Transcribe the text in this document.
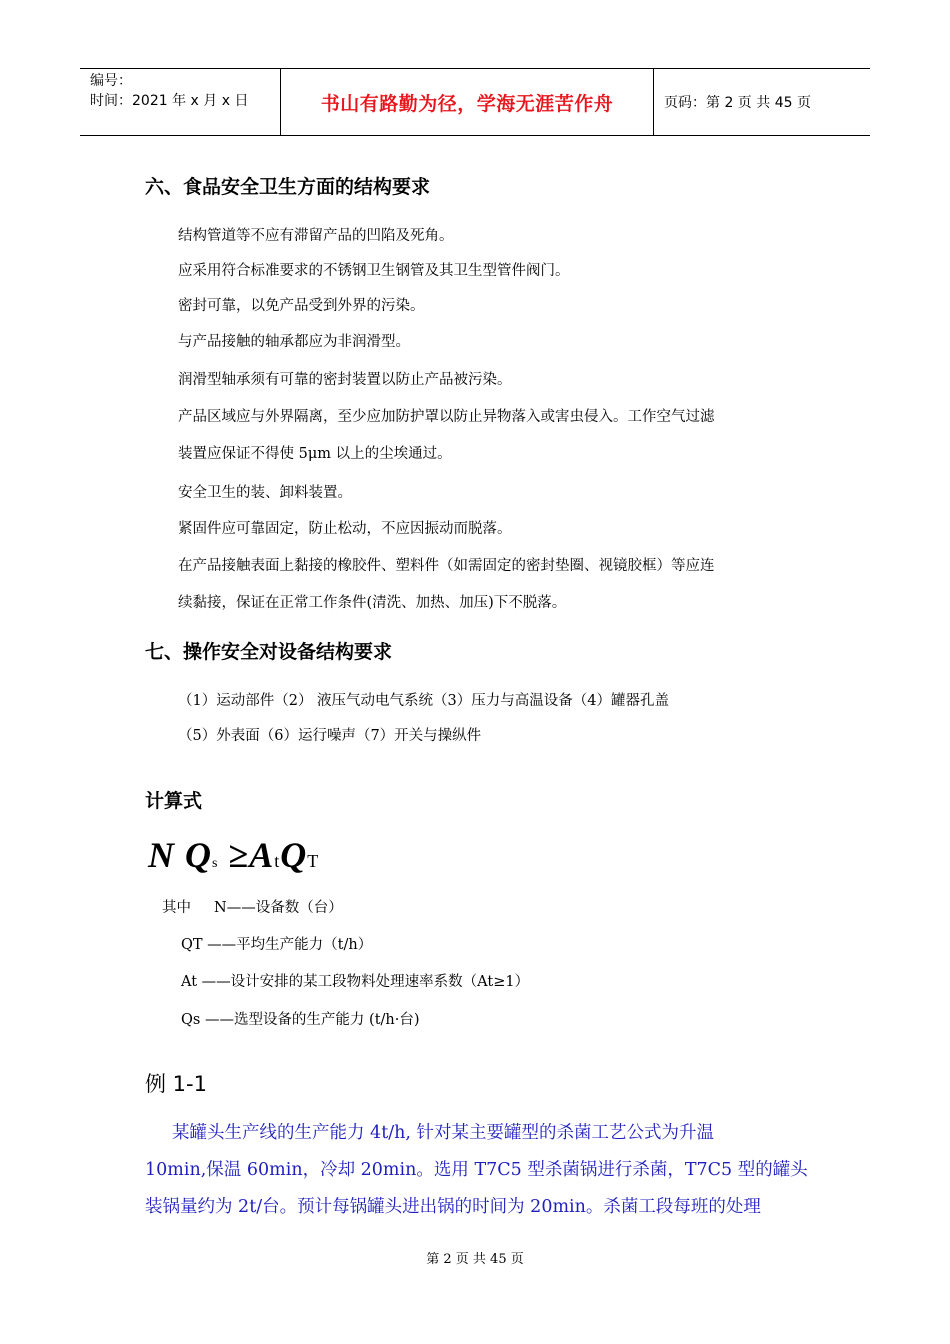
编号：
时间：2021 年 x 月 x 日	书山有路勤为径，学海无涯苦作舟	页码：第 2 页 共 45 页
六、食品安全卫生方面的结构要求
结构管道等不应有滞留产品的凹陷及死角。
应采用符合标准要求的不锈钢卫生钢管及其卫生型管件阀门。
密封可靠，以免产品受到外界的污染。
与产品接触的轴承都应为非润滑型。
润滑型轴承须有可靠的密封装置以防止产品被污染。
产品区域应与外界隔离，至少应加防护罩以防止异物落入或害虫侵入。工作空气过滤
装置应保证不得使 5μm 以上的尘埃通过。
安全卫生的装、卸料装置。
紧固件应可靠固定，防止松动，不应因振动而脱落。
在产品接触表面上黏接的橡胶件、塑料件（如需固定的密封垫圈、视镜胶框）等应连
续黏接，保证在正常工作条件(清洗、加热、加压)下不脱落。
七、操作安全对设备结构要求
（1）运动部件（2） 液压气动电气系统（3）压力与高温设备（4）罐器孔盖
（5）外表面（6）运行噪声（7）开关与操纵件
计算式
N Qs ≥AtQT
其中     N——设备数（台）
QT ——平均生产能力（t/h）
At ——设计安排的某工段物料处理速率系数（At≥1）
Qs ——选型设备的生产能力 (t/h·台)
例 1-1
某罐头生产线的生产能力 4t/h, 针对某主要罐型的杀菌工艺公式为升温
10min,保温 60min，冷却 20min。选用 T7C5 型杀菌锅进行杀菌，T7C5 型的罐头
装锅量约为 2t/台。预计每锅罐头进出锅的时间为 20min。杀菌工段每班的处理
第 2 页 共 45 页
